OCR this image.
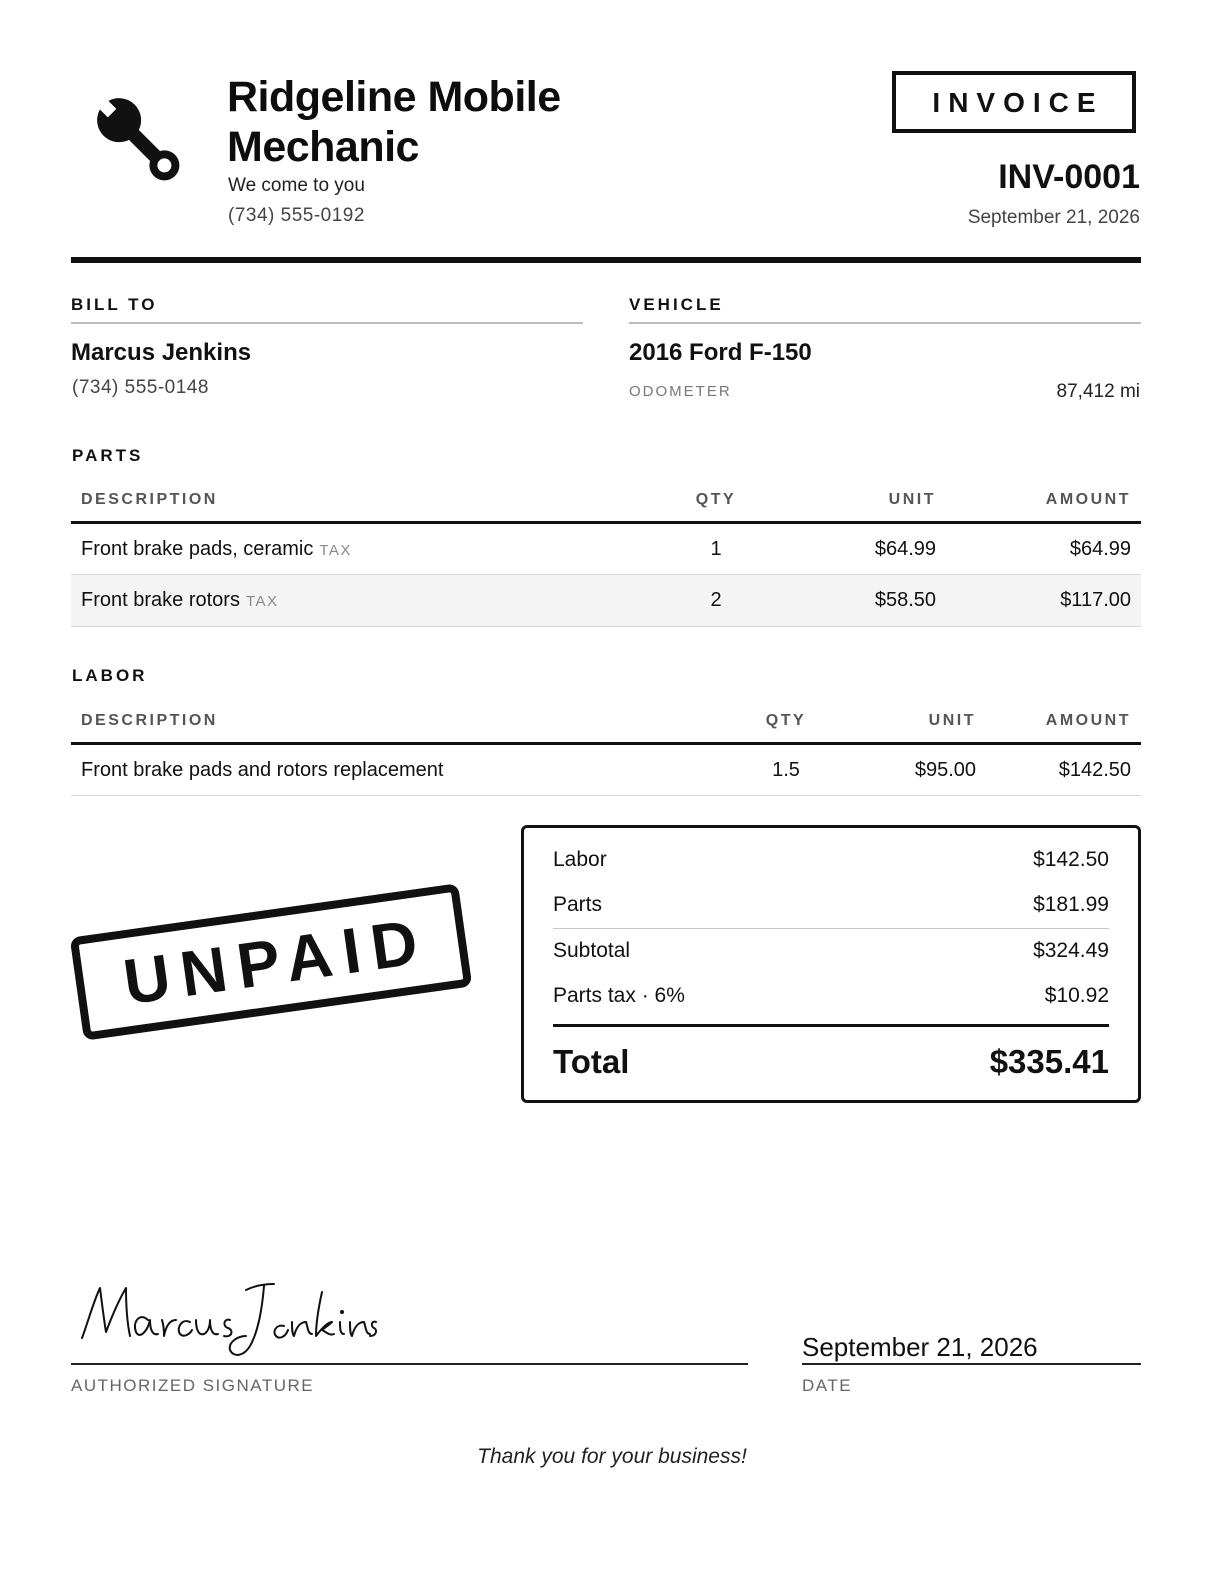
Ridgeline Mobile Mechanic
We come to you
(734) 555-0192
INVOICE
INV-0001
September 21, 2026
BILL TO
Marcus Jenkins
(734) 555-0148
VEHICLE
2016 Ford F-150
ODOMETER	87,412 mi
PARTS
DESCRIPTION	QTY	UNIT	AMOUNT
Front brake pads, ceramic TAX	1	$64.99	$64.99
Front brake rotors TAX	2	$58.50	$117.00
LABOR
DESCRIPTION	QTY	UNIT	AMOUNT
Front brake pads and rotors replacement	1.5	$95.00	$142.50
UNPAID
Labor	$142.50
Parts	$181.99
Subtotal	$324.49
Parts tax · 6%	$10.92
Total	$335.41
AUTHORIZED SIGNATURE
September 21, 2026
DATE
Thank you for your business!
